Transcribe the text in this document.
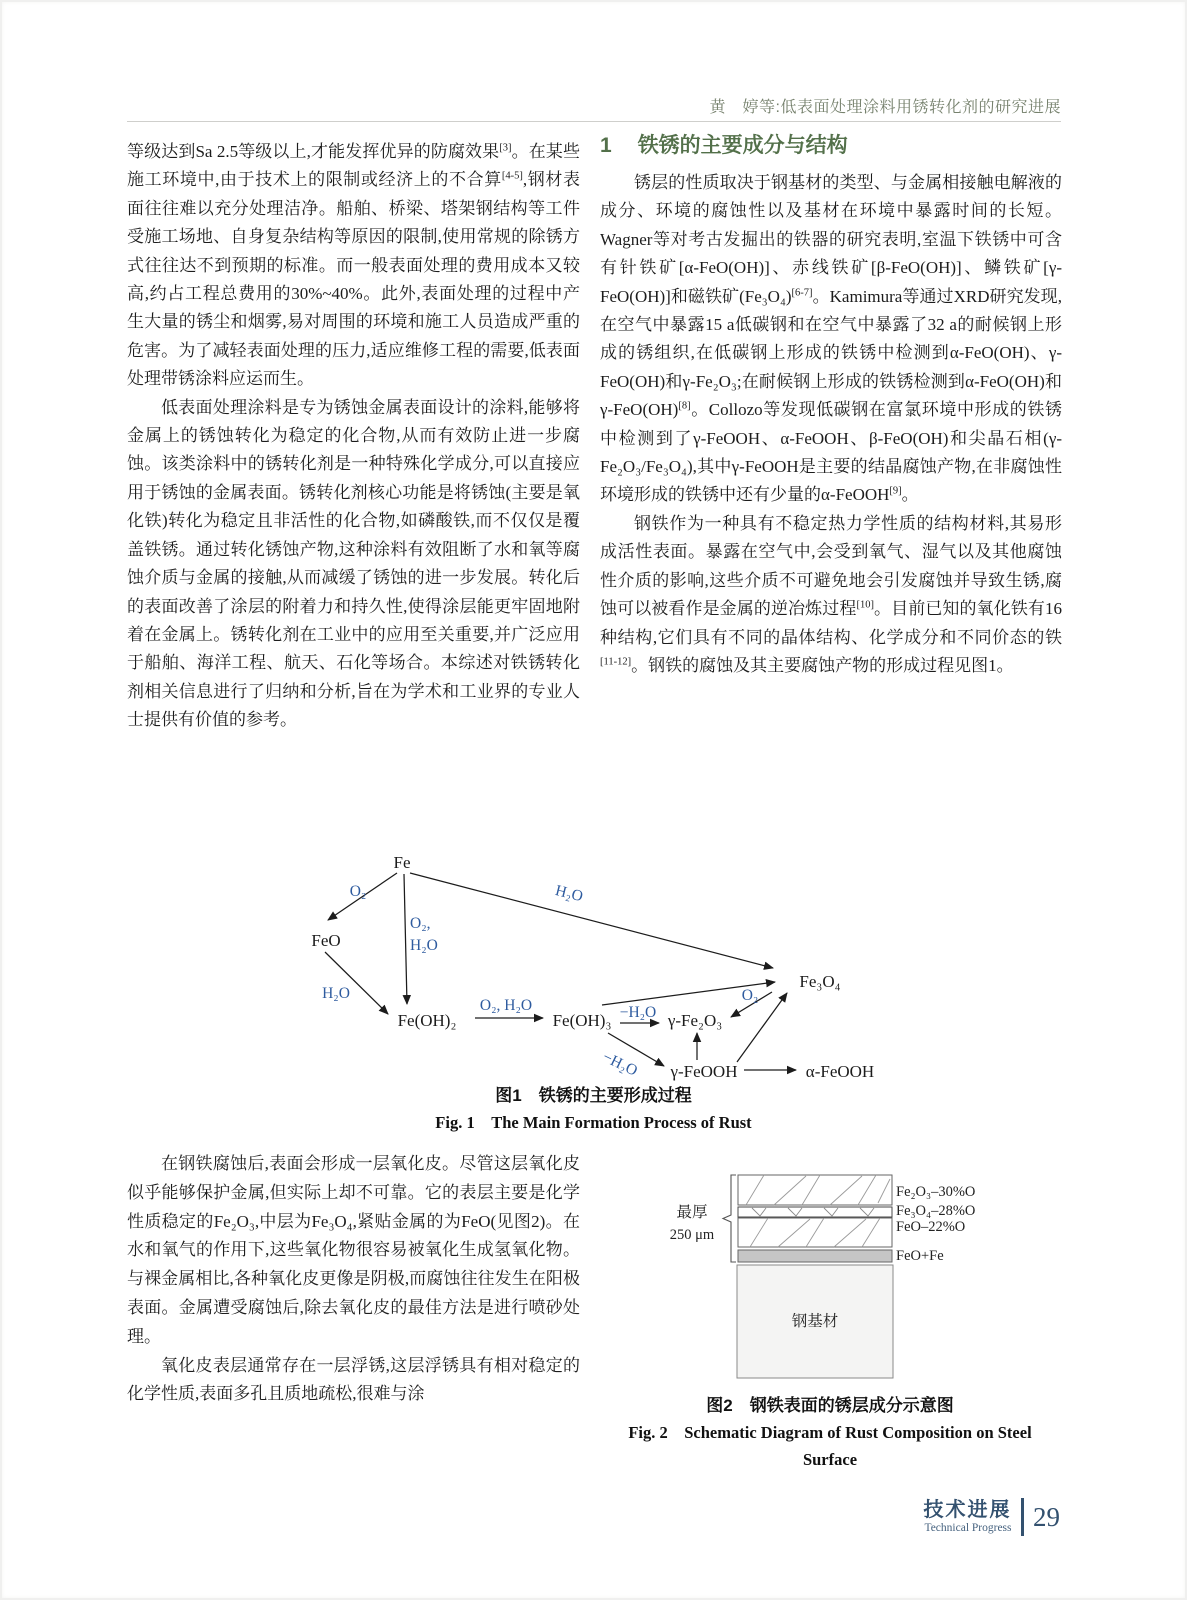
黄　婷等:低表面处理涂料用锈转化剂的研究进展

等级达到Sa 2.5等级以上,才能发挥优异的防腐效果[3]。在某些施工环境中,由于技术上的限制或经济上的不合算[4-5],钢材表面往往难以充分处理洁净。船舶、桥梁、塔架钢结构等工件受施工场地、自身复杂结构等原因的限制,使用常规的除锈方式往往达不到预期的标准。而一般表面处理的费用成本又较高,约占工程总费用的30%~40%。此外,表面处理的过程中产生大量的锈尘和烟雾,易对周围的环境和施工人员造成严重的危害。为了减轻表面处理的压力,适应维修工程的需要,低表面处理带锈涂料应运而生。

低表面处理涂料是专为锈蚀金属表面设计的涂料,能够将金属上的锈蚀转化为稳定的化合物,从而有效防止进一步腐蚀。该类涂料中的锈转化剂是一种特殊化学成分,可以直接应用于锈蚀的金属表面。锈转化剂核心功能是将锈蚀(主要是氧化铁)转化为稳定且非活性的化合物,如磷酸铁,而不仅仅是覆盖铁锈。通过转化锈蚀产物,这种涂料有效阻断了水和氧等腐蚀介质与金属的接触,从而减缓了锈蚀的进一步发展。转化后的表面改善了涂层的附着力和持久性,使得涂层能更牢固地附着在金属上。锈转化剂在工业中的应用至关重要,并广泛应用于船舶、海洋工程、航天、石化等场合。本综述对铁锈转化剂相关信息进行了归纳和分析,旨在为学术和工业界的专业人士提供有价值的参考。

1 铁锈的主要成分与结构

锈层的性质取决于钢基材的类型、与金属相接触电解液的成分、环境的腐蚀性以及基材在环境中暴露时间的长短。Wagner等对考古发掘出的铁器的研究表明,室温下铁锈中可含有针铁矿[α-FeO(OH)]、赤线铁矿[β-FeO(OH)]、鳞铁矿[γ-FeO(OH)]和磁铁矿(Fe₃O₄)[6-7]。Kamimura等通过XRD研究发现,在空气中暴露15 a低碳钢和在空气中暴露了32 a的耐候钢上形成的锈组织,在低碳钢上形成的铁锈中检测到α-FeO(OH)、γ-FeO(OH)和γ-Fe₂O₃;在耐候钢上形成的铁锈检测到α-FeO(OH)和γ-FeO(OH)[8]。Collozo等发现低碳钢在富氯环境中形成的铁锈中检测到了γ-FeOOH、α-FeOOH、β-FeO(OH)和尖晶石相(γ-Fe₂O₃/Fe₃O₄),其中γ-FeOOH是主要的结晶腐蚀产物,在非腐蚀性环境形成的铁锈中还有少量的α-FeOOH[9]。

钢铁作为一种具有不稳定热力学性质的结构材料,其易形成活性表面。暴露在空气中,会受到氧气、湿气以及其他腐蚀性介质的影响,这些介质不可避免地会引发腐蚀并导致生锈,腐蚀可以被看作是金属的逆冶炼过程[10]。目前已知的氧化铁有16种结构,它们具有不同的晶体结构、化学成分和不同价态的铁[11-12]。钢铁的腐蚀及其主要腐蚀产物的形成过程见图1。

Fe
FeO
Fe(OH)₂	Fe(OH)₃	γ-Fe₂O₃
Fe₃O₄
γ-FeOOH	α-FeOOH
O₂
O₂,
H₂O
H₂O
H₂O
O₂, H₂O	−H₂O
O₂
−H₂O
图1　铁锈的主要形成过程
Fig. 1　The Main Formation Process of Rust

在钢铁腐蚀后,表面会形成一层氧化皮。尽管这层氧化皮似乎能够保护金属,但实际上却不可靠。它的表层主要是化学性质稳定的Fe₂O₃,中层为Fe₃O₄,紧贴金属的为FeO(见图2)。在水和氧气的作用下,这些氧化物很容易被氧化生成氢氧化物。与裸金属相比,各种氧化皮更像是阴极,而腐蚀往往发生在阳极表面。金属遭受腐蚀后,除去氧化皮的最佳方法是进行喷砂处理。

氧化皮表层通常存在一层浮锈,这层浮锈具有相对稳定的化学性质,表面多孔且质地疏松,很难与涂

最厚
250 μm
Fe₂O₃–30%O
Fe₃O₄–28%O
FeO–22%O
FeO+Fe
钢基材
图2　钢铁表面的锈层成分示意图
Fig. 2　Schematic Diagram of Rust Composition on Steel
Surface
技术进展
Technical Progress 29
